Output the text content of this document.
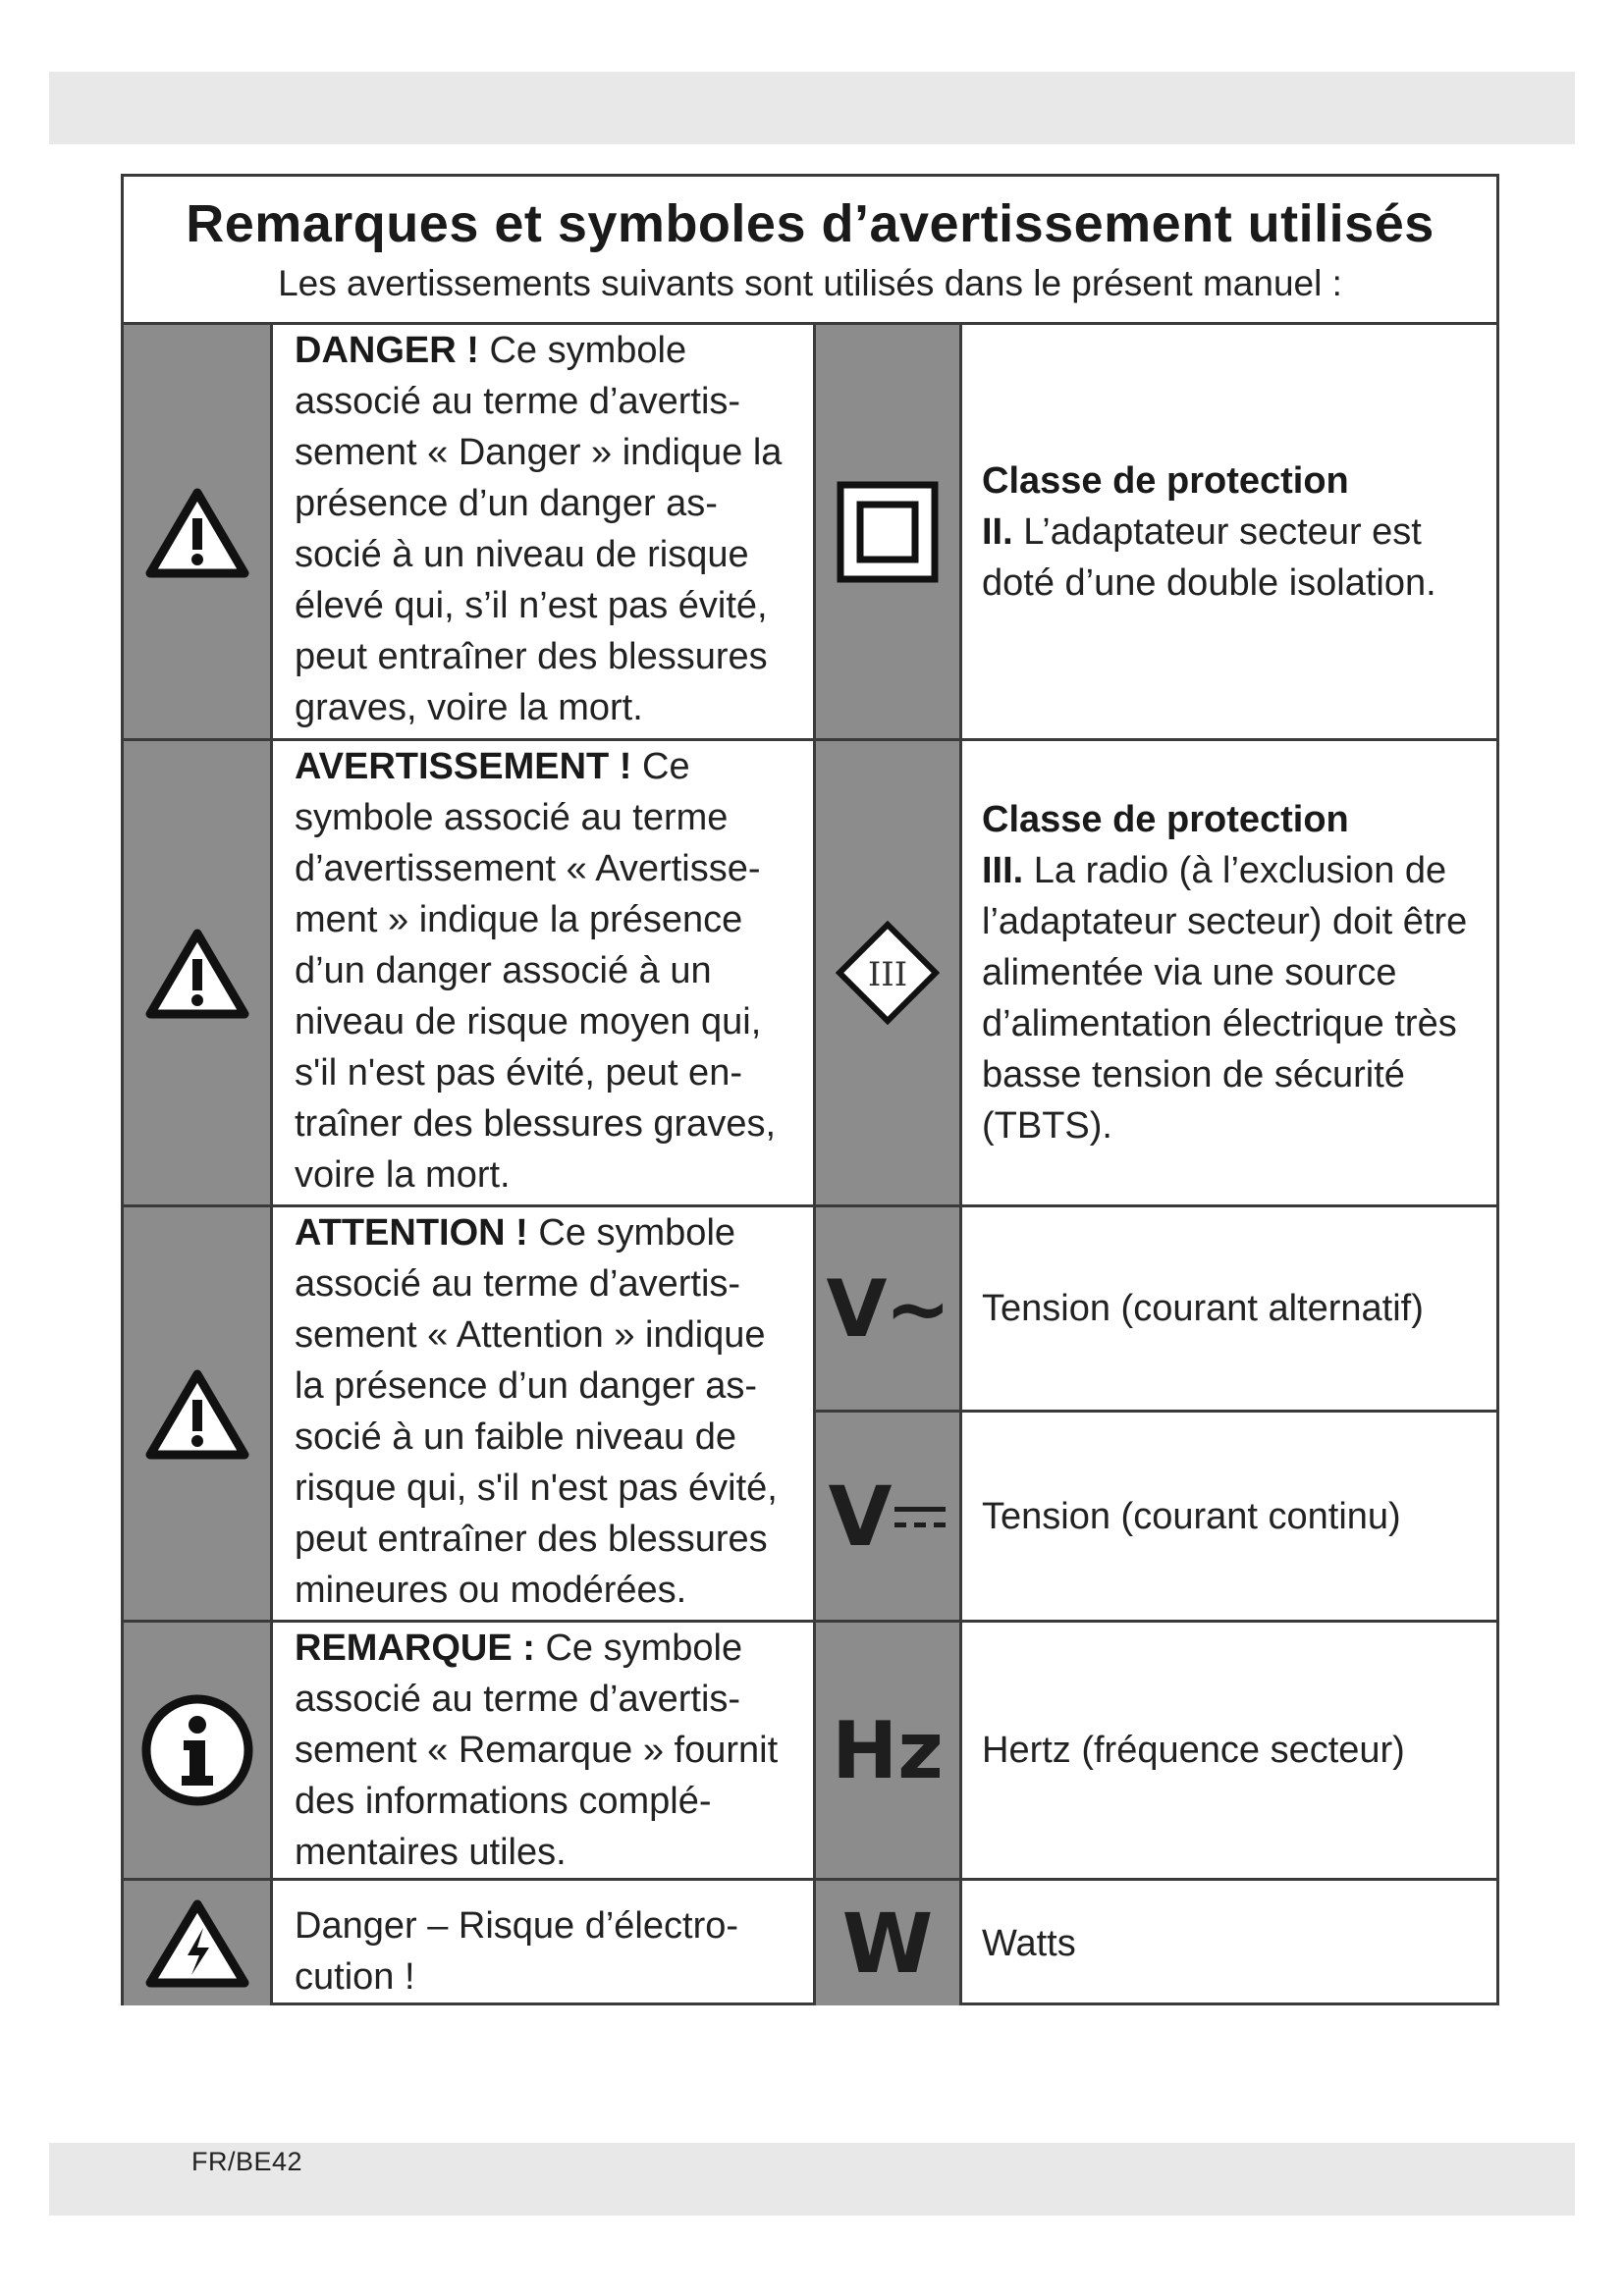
Remarques et symboles d’avertissement utilisés
Les avertissements suivants sont utilisés dans le présent manuel :
DANGER ! Ce symbole associé au terme d’avertis- sement « Danger » indique la présence d’un danger as- socié à un niveau de risque élevé qui, s’il n’est pas évité, peut entraîner des blessures graves, voire la mort.
AVERTISSEMENT ! Ce symbole associé au terme d’avertissement « Avertisse- ment » indique la présence d’un danger associé à un niveau de risque moyen qui, s'il n'est pas évité, peut en- traîner des blessures graves, voire la mort.
ATTENTION ! Ce symbole associé au terme d’avertis- sement « Attention » indique la présence d’un danger as- socié à un faible niveau de risque qui, s'il n'est pas évité, peut entraîner des blessures mineures ou modérées.
REMARQUE : Ce symbole associé au terme d’avertis- sement « Remarque » fournit des informations complé- mentaires utiles.
Danger – Risque d’électro- cution !
III
V~
V
Hz
W
Classe de protection
II. L’adaptateur secteur est doté d’une double isolation.
Classe de protection
III. La radio (à l’exclusion de l’adaptateur secteur) doit être alimentée via une source d’alimentation électrique très basse tension de sécurité (TBTS).
Tension (courant alternatif)
Tension (courant continu)
Hertz (fréquence secteur)
Watts
FR/BE42
